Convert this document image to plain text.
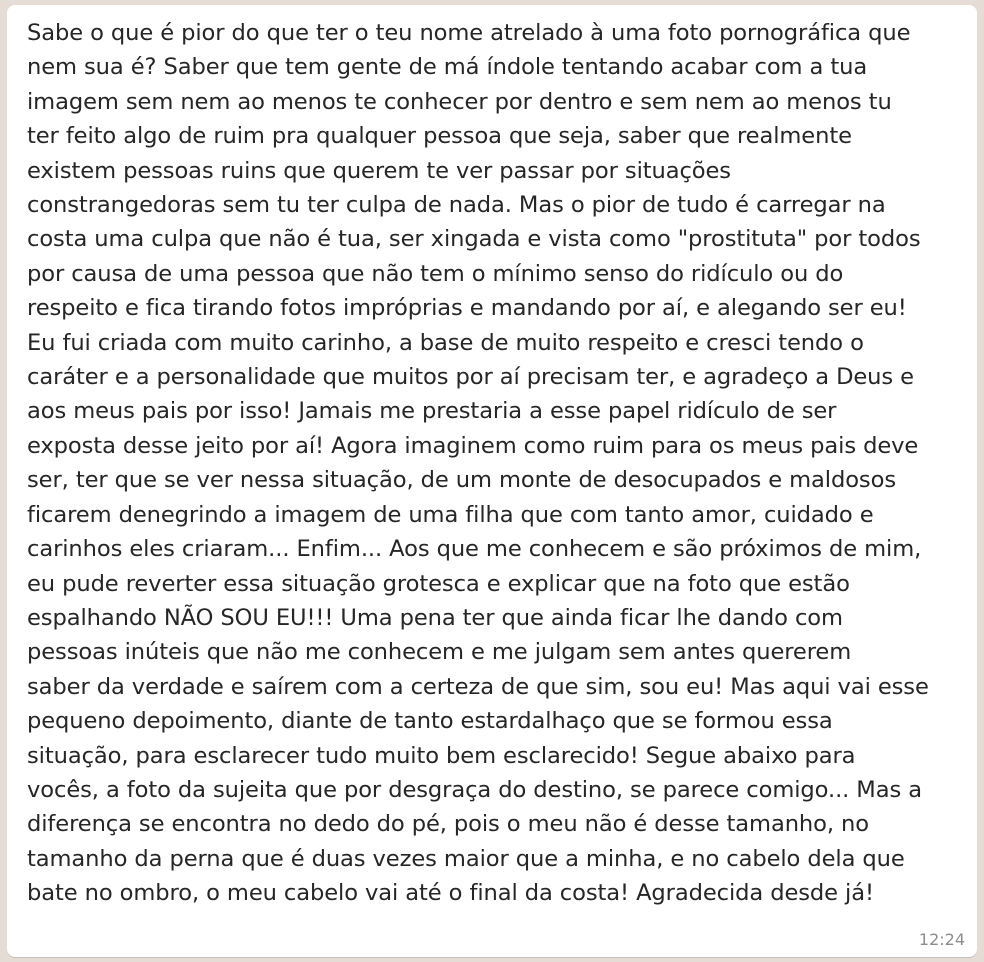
Sabe o que é pior do que ter o teu nome atrelado à uma foto pornográfica que
nem sua é? Saber que tem gente de má índole tentando acabar com a tua
imagem sem nem ao menos te conhecer por dentro e sem nem ao menos tu
ter feito algo de ruim pra qualquer pessoa que seja, saber que realmente
existem pessoas ruins que querem te ver passar por situações
constrangedoras sem tu ter culpa de nada. Mas o pior de tudo é carregar na
costa uma culpa que não é tua, ser xingada e vista como "prostituta" por todos
por causa de uma pessoa que não tem o mínimo senso do ridículo ou do
respeito e fica tirando fotos impróprias e mandando por aí, e alegando ser eu!
Eu fui criada com muito carinho, a base de muito respeito e cresci tendo o
caráter e a personalidade que muitos por aí precisam ter, e agradeço a Deus e
aos meus pais por isso! Jamais me prestaria a esse papel ridículo de ser
exposta desse jeito por aí! Agora imaginem como ruim para os meus pais deve
ser, ter que se ver nessa situação, de um monte de desocupados e maldosos
ficarem denegrindo a imagem de uma filha que com tanto amor, cuidado e
carinhos eles criaram... Enfim... Aos que me conhecem e são próximos de mim,
eu pude reverter essa situação grotesca e explicar que na foto que estão
espalhando NÃO SOU EU!!! Uma pena ter que ainda ficar lhe dando com
pessoas inúteis que não me conhecem e me julgam sem antes quererem
saber da verdade e saírem com a certeza de que sim, sou eu! Mas aqui vai esse
pequeno depoimento, diante de tanto estardalhaço que se formou essa
situação, para esclarecer tudo muito bem esclarecido! Segue abaixo para
vocês, a foto da sujeita que por desgraça do destino, se parece comigo... Mas a
diferença se encontra no dedo do pé, pois o meu não é desse tamanho, no
tamanho da perna que é duas vezes maior que a minha, e no cabelo dela que
bate no ombro, o meu cabelo vai até o final da costa! Agradecida desde já!

12:24
